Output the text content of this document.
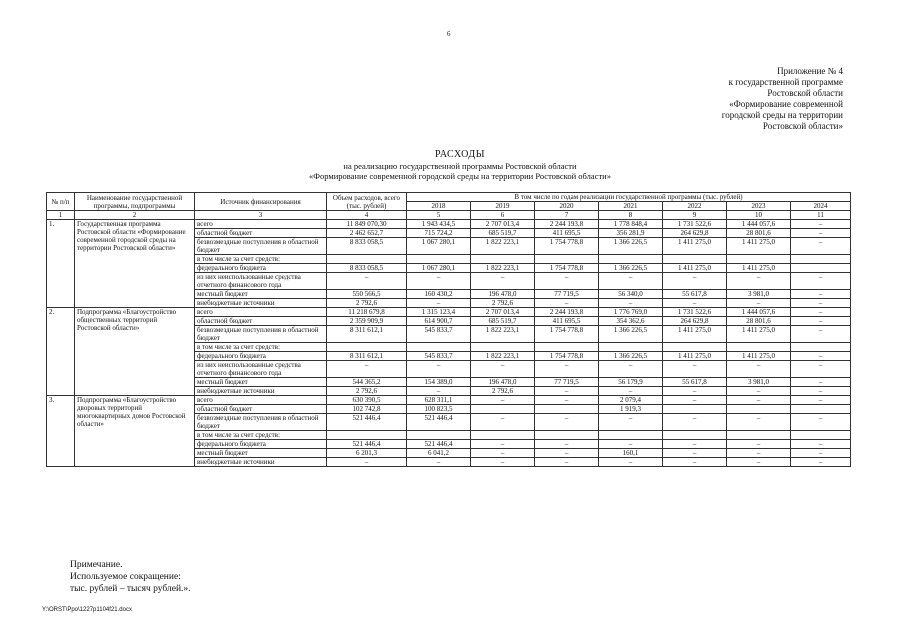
6
Приложение № 4
к государственной программе
Ростовской области
«Формирование современной
городской среды на территории
Ростовской области»
РАСХОДЫ
на реализацию государственной программы Ростовской области
«Формирование современной городской среды на территории Ростовской области»
№ п/п	Наименование государственной программы, подпрограммы	Источник финансирования	Объем расходов, всего (тыс. рублей)	В том числе по годам реализации государственной программы (тыс. рублей)						
				2018	2019	2020	2021	2022	2023	2024
1	2	3	4	5	6	7	8	9	10	11
1.	Государственная программа Ростовской области «Формирование современной городской среды на территории Ростовской области»	всего	11 849 070,30	1 943 434,5	2 707 013,4	2 244 193,8	1 778 848,4	1 731 522,6	1 444 057,6	–
		областной бюджет	2 462 652,7	715 724,2	685 519,7	411 695,5	356 281,9	264 629,8	28 801,6	–
		безвозмездные поступления в областной бюджет	8 833 058,5	1 067 280,1	1 822 223,1	1 754 778,8	1 366 226,5	1 411 275,0	1 411 275,0	–
		в том числе за счет средств:								
		федерального бюджета	8 833 058,5	1 067 280,1	1 822 223,1	1 754 778,8	1 366 226,5	1 411 275,0	1 411 275,0	
		из них неиспользованные средства отчетного финансового года	–	–	–	–	–	–	–	–
		местный бюджет	550 566,5	160 430,2	196 478,0	77 719,5	56 340,0	55 617,8	3 981,0	–
		внебюджетные источники	2 792,6	–	2 792,6	–	–	–	–	–
2.	Подпрограмма «Благоустройство общественных территорий Ростовской области»	всего	11 218 679,8	1 315 123,4	2 707 013,4	2 244 193,8	1 776 769,0	1 731 522,6	1 444 057,6	–
		областной бюджет	2 359 909,9	614 900,7	685 519,7	411 695,5	354 362,6	264 629,8	28 801,6	–
		безвозмездные поступления в областной бюджет	8 311 612,1	545 833,7	1 822 223,1	1 754 778,8	1 366 226,5	1 411 275,0	1 411 275,0	–
		в том числе за счет средств:								
		федерального бюджета	8 311 612,1	545 833,7	1 822 223,1	1 754 778,8	1 366 226,5	1 411 275,0	1 411 275,0	–
		из них неиспользованные средства отчетного финансового года	–	–	–	–	–	–	–	–
		местный бюджет	544 365,2	154 389,0	196 478,0	77 719,5	56 179,9	55 617,8	3 981,0	–
		внебюджетные источники	2 792,6	–	2 792,6	–	–	–	–	–
3.	Подпрограмма «Благоустройство дворовых территорий многоквартирных домов Ростовской области»	всего	630 390,5	628 311,1	–	–	2 079,4	–	–	–
		областной бюджет	102 742,8	100 823,5			1 919,3			
		безвозмездные поступления в областной бюджет	521 446,4	521 446,4	–	–	–	–	–	–
		в том числе за счет средств:								
		федерального бюджета	521 446,4	521 446,4	–	–	–	–	–	–
		местный бюджет	6 201,3	6 041,2	–	–	160,1	–	–	–
		внебюджетные источники	–	–	–	–	–	–	–	–
Примечание.
Используемое сокращение:
тыс. рублей – тысяч рублей.».
Y:\ORST\Ppo\1227p1104f21.docx
